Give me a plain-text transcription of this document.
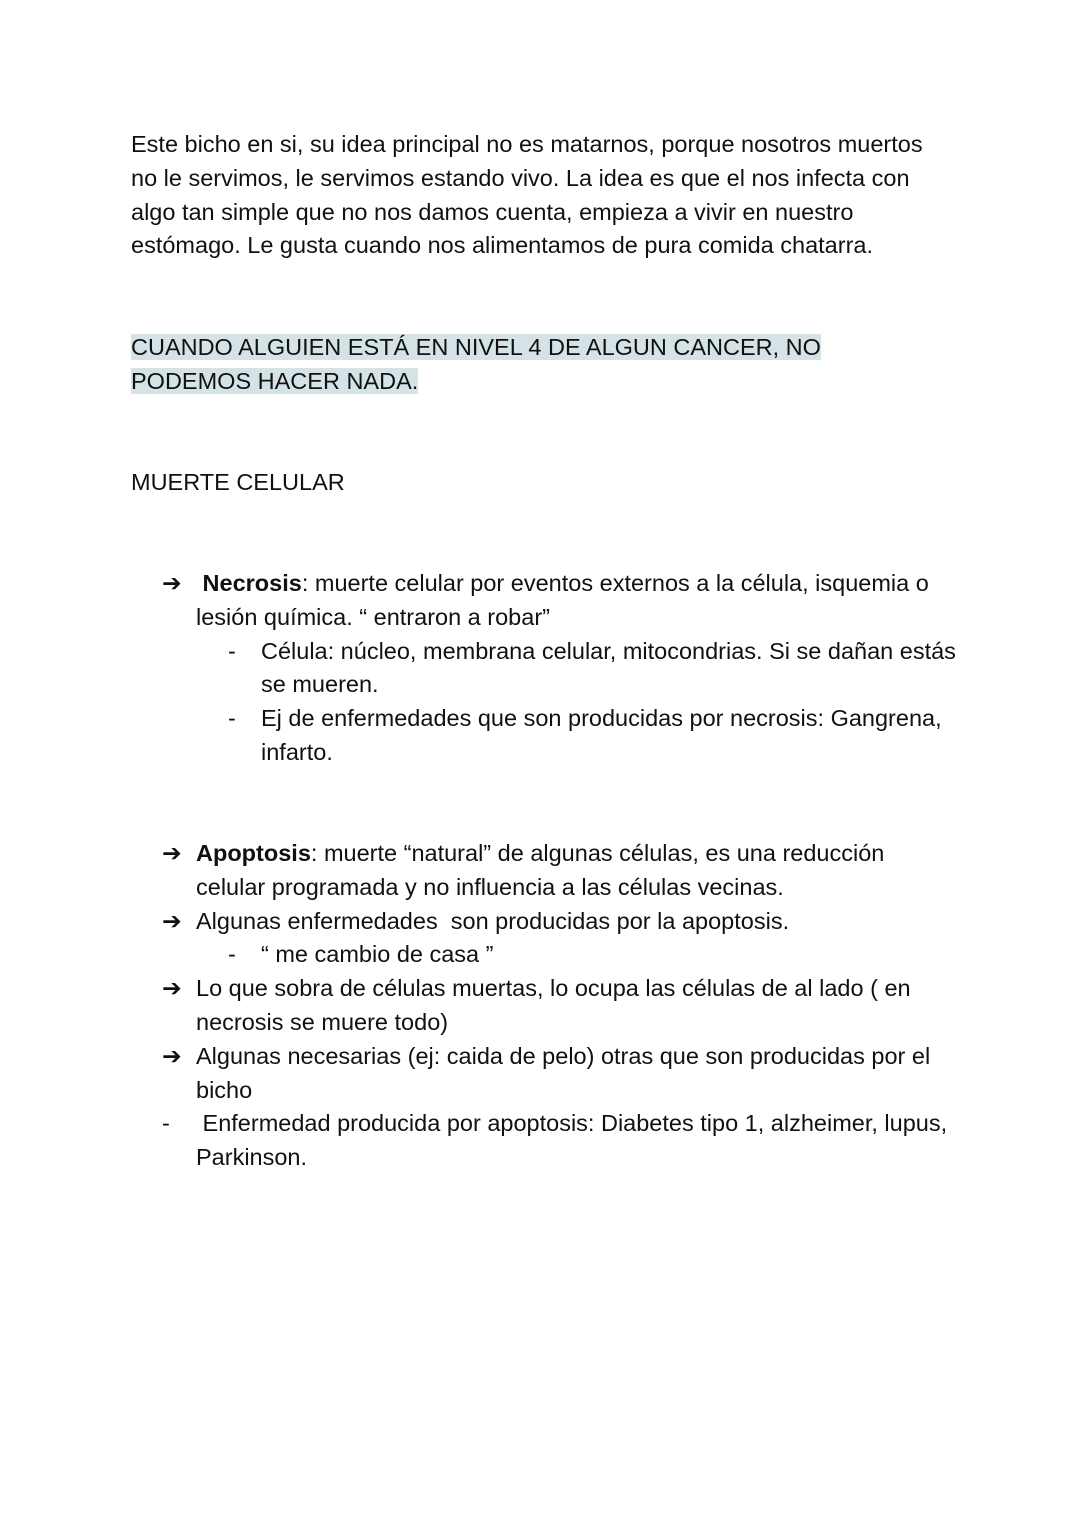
Este bicho en si, su idea principal no es matarnos, porque nosotros muertos no le servimos, le servimos estando vivo. La idea es que el nos infecta con algo tan simple que no nos damos cuenta, empieza a vivir en nuestro estómago. Le gusta cuando nos alimentamos de pura comida chatarra.

CUANDO ALGUIEN ESTÁ EN NIVEL 4 DE ALGUN CANCER, NO PODEMOS HACER NADA.

MUERTE CELULAR

➔ Necrosis: muerte celular por eventos externos a la célula, isquemia o lesión química. “ entraron a robar”

- Célula: núcleo, membrana celular, mitocondrias. Si se dañan estás se mueren.

- Ej de enfermedades que son producidas por necrosis: Gangrena, infarto.

➔ Apoptosis: muerte “natural” de algunas células, es una reducción celular programada y no influencia a las células vecinas.

➔ Algunas enfermedades  son producidas por la apoptosis.

- “ me cambio de casa ”

➔ Lo que sobra de células muertas, lo ocupa las células de al lado ( en necrosis se muere todo)

➔ Algunas necesarias (ej: caida de pelo) otras que son producidas por el bicho

- Enfermedad producida por apoptosis: Diabetes tipo 1, alzheimer, lupus, Parkinson.
